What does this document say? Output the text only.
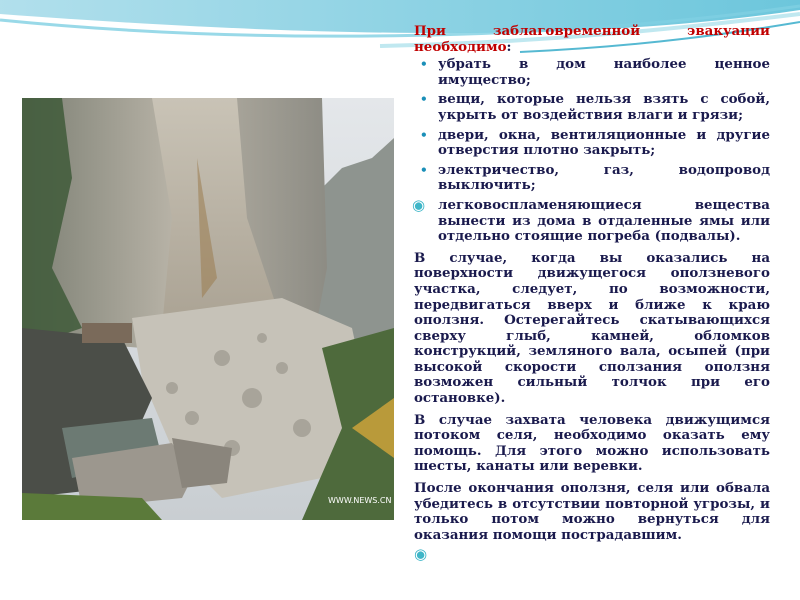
WWW.NEWS.CN
При заблаговременной эвакуации необходимо:
• убрать в дом наиболее ценное имущество;
• вещи, которые нельзя взять с собой, укрыть от воздействия влаги и грязи;
• двери, окна, вентиляционные и другие отверстия плотно закрыть;
• электричество, газ, водопровод выключить;
◉ легковоспламеняющиеся вещества вынести из дома в отдаленные ямы или отдельно стоящие погреба (подвалы).

В случае, когда вы оказались на поверхности движущегося оползневого участка, следует, по возможности, передвигаться вверх и ближе к краю оползня. Остерегайтесь скатывающихся сверху глыб, камней, обломков конструкций, земляного вала, осыпей (при высокой скорости сползания оползня возможен сильный толчок при его остановке).

В случае захвата человека движущимся потоком селя, необходимо оказать ему помощь. Для этого можно использовать шесты, канаты или веревки.

После окончания оползня, селя или обвала убедитесь в отсутствии повторной угрозы, и только потом можно вернуться для оказания помощи пострадавшим.

◉
